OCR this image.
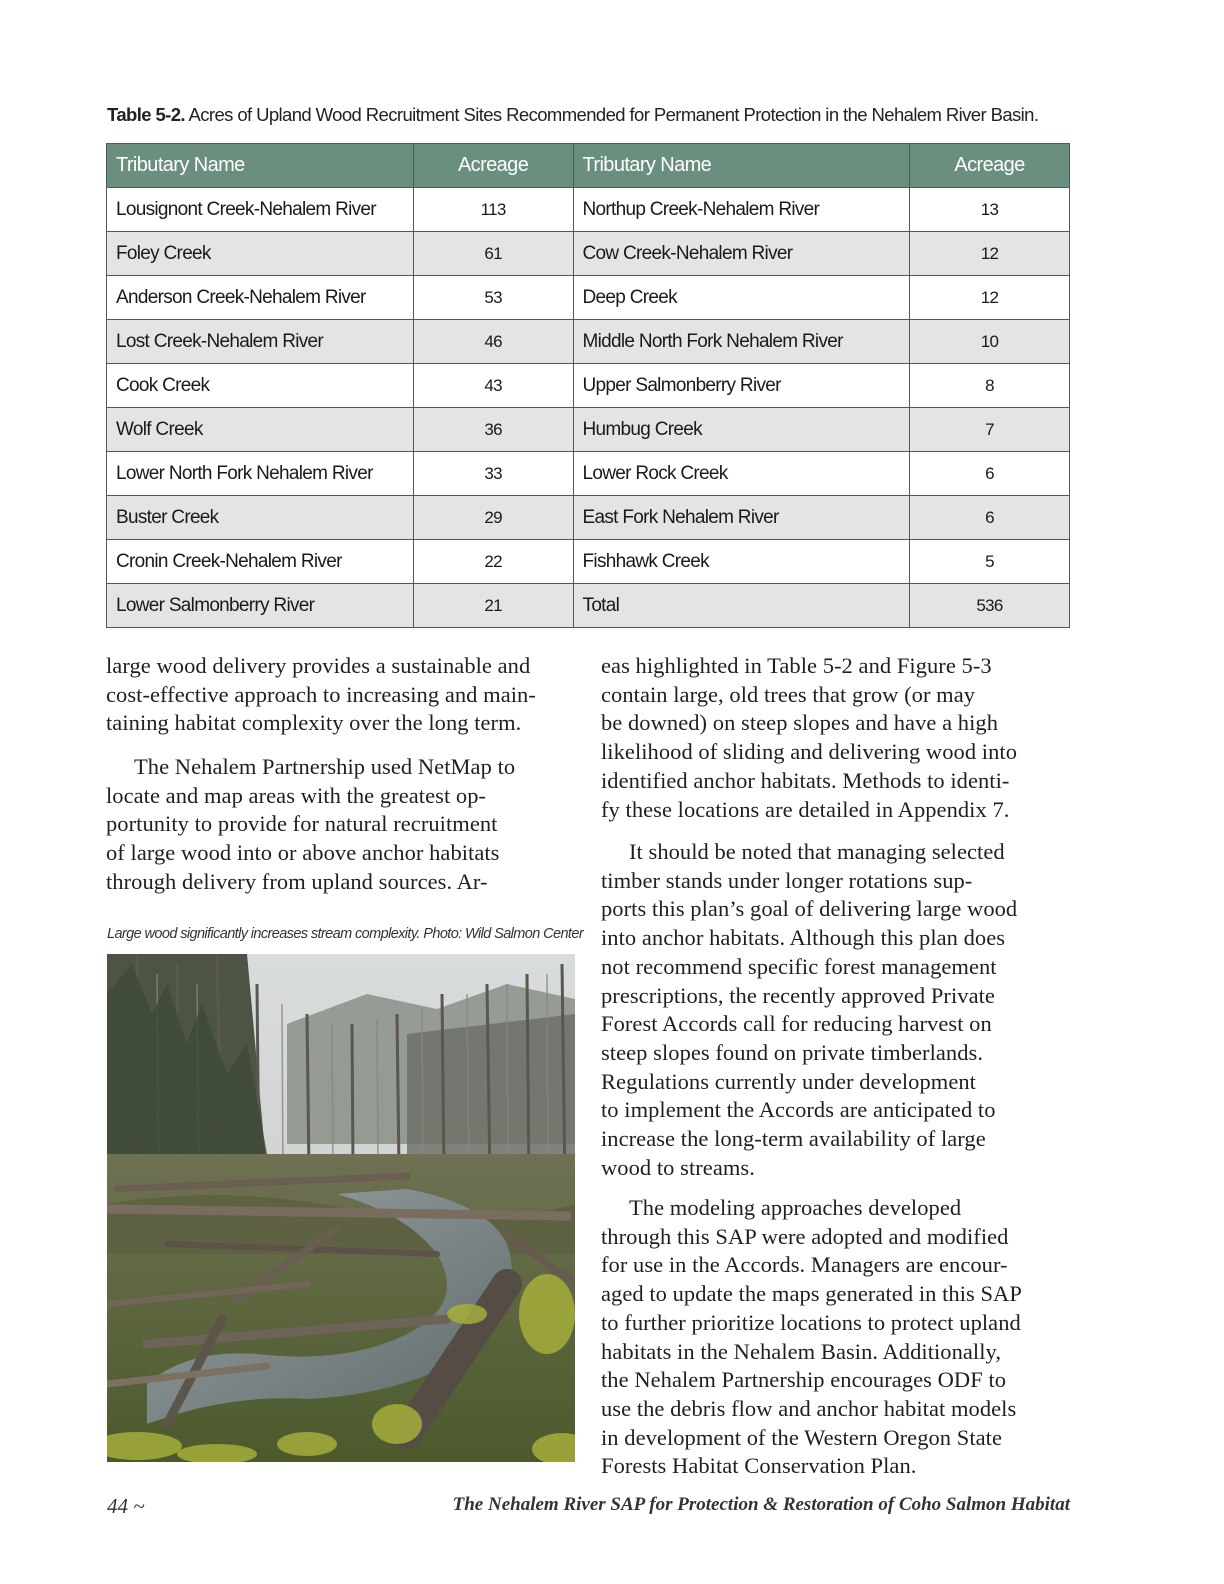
Table 5-2. Acres of Upland Wood Recruitment Sites Recommended for Permanent Protection in the Nehalem River Basin.
Tributary Name	Acreage	Tributary Name	Acreage
Lousignont Creek-Nehalem River	113	Northup Creek-Nehalem River	13
Foley Creek	61	Cow Creek-Nehalem River	12
Anderson Creek-Nehalem River	53	Deep Creek	12
Lost Creek-Nehalem River	46	Middle North Fork Nehalem River	10
Cook Creek	43	Upper Salmonberry River	8
Wolf Creek	36	Humbug Creek	7
Lower North Fork Nehalem River	33	Lower Rock Creek	6
Buster Creek	29	East Fork Nehalem River	6
Cronin Creek-Nehalem River	22	Fishhawk Creek	5
Lower Salmonberry River	21	Total	536
large wood delivery provides a sustainable and
cost-effective approach to increasing and main-
taining habitat complexity over the long term.
The Nehalem Partnership used NetMap to
locate and map areas with the greatest op-
portunity to provide for natural recruitment
of large wood into or above anchor habitats
through delivery from upland sources. Ar-
Large wood significantly increases stream complexity. Photo: Wild Salmon Center
eas highlighted in Table 5-2 and Figure 5-3
contain large, old trees that grow (or may
be downed) on steep slopes and have a high
likelihood of sliding and delivering wood into
identified anchor habitats. Methods to identi-
fy these locations are detailed in Appendix 7.
It should be noted that managing selected
timber stands under longer rotations sup-
ports this plan’s goal of delivering large wood
into anchor habitats. Although this plan does
not recommend specific forest management
prescriptions, the recently approved Private
Forest Accords call for reducing harvest on
steep slopes found on private timberlands.
Regulations currently under development
to implement the Accords are anticipated to
increase the long-term availability of large
wood to streams.
The modeling approaches developed
through this SAP were adopted and modified
for use in the Accords. Managers are encour-
aged to update the maps generated in this SAP
to further prioritize locations to protect upland
habitats in the Nehalem Basin. Additionally,
the Nehalem Partnership encourages ODF to
use the debris flow and anchor habitat models
in development of the Western Oregon State
Forests Habitat Conservation Plan.
44 ~	The Nehalem River SAP for Protection & Restoration of Coho Salmon Habitat
